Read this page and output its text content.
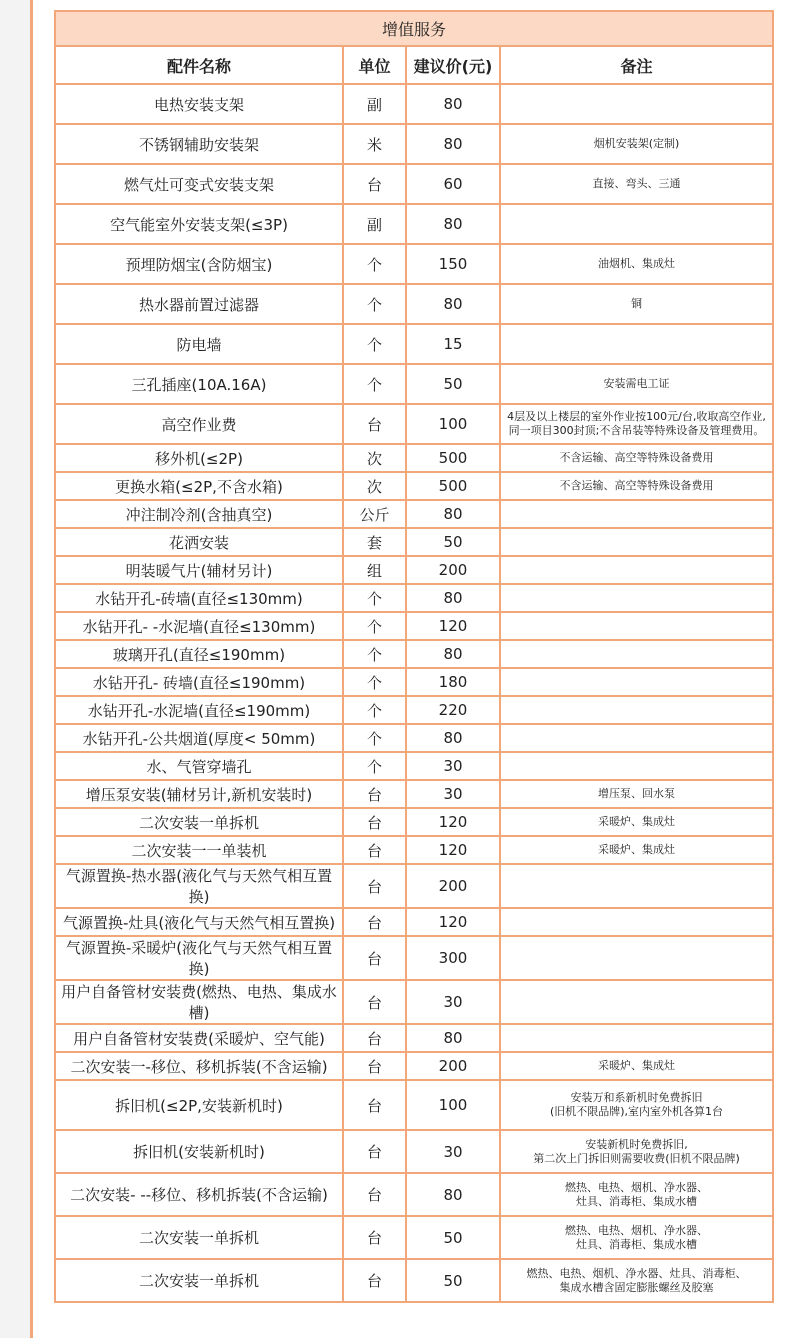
增值服务			
配件名称	单位	建议价(元)	备注
电热安装支架	副	80	
不锈钢辅助安装架	米	80	烟机安装架(定制)
燃气灶可变式安装支架	台	60	直接、弯头、三通
空气能室外安装支架(≤3P)	副	80	
预埋防烟宝(含防烟宝)	个	150	油烟机、集成灶
热水器前置过滤器	个	80	铜
防电墙	个	15	
三孔插座(10A.16A)	个	50	安装需电工证
高空作业费	台	100	4层及以上楼层的室外作业按100元/台,收取高空作业,
同一项目300封顶;不含吊装等特殊设备及管理费用。
移外机(≤2P)	次	500	不含运输、高空等特殊设备费用
更换水箱(≤2P,不含水箱)	次	500	不含运输、高空等特殊设备费用
冲注制冷剂(含抽真空)	公斤	80	
花洒安装	套	50	
明装暖气片(辅材另计)	组	200	
水钻开孔-砖墙(直径≤130mm)	个	80	
水钻开孔- -水泥墙(直径≤130mm)	个	120	
玻璃开孔(直径≤190mm)	个	80	
水钻开孔- 砖墙(直径≤190mm)	个	180	
水钻开孔-水泥墙(直径≤190mm)	个	220	
水钻开孔-公共烟道(厚度< 50mm)	个	80	
水、气管穿墙孔	个	30	
增压泵安装(辅材另计,新机安装时)	台	30	增压泵、回水泵
二次安装一单拆机	台	120	采暖炉、集成灶
二次安装一一单装机	台	120	采暖炉、集成灶
气源置换-热水器(液化气与天然气相互置换)	台	200	
气源置换-灶具(液化气与天然气相互置换)	台	120	
气源置换-采暖炉(液化气与天然气相互置换)	台	300	
用户自备管材安装费(燃热、电热、集成水槽)	台	30	
用户自备管材安装费(采暖炉、空气能)	台	80	
二次安装一-移位、移机拆装(不含运输)	台	200	采暖炉、集成灶
拆旧机(≤2P,安装新机时)	台	100	安装万和系新机时免费拆旧
(旧机不限品牌),室内室外机各算1台
拆旧机(安装新机时)	台	30	安装新机时免费拆旧,
第二次上门拆旧则需要收费(旧机不限品牌)
二次安装- --移位、移机拆装(不含运输)	台	80	燃热、电热、烟机、净水器、
灶具、消毒柜、集成水槽
二次安装一单拆机	台	50	燃热、电热、烟机、净水器、
灶具、消毒柜、集成水槽
二次安装一单拆机	台	50	燃热、电热、烟机、净水器、灶具、消毒柜、
集成水槽含固定膨胀螺丝及胶塞
